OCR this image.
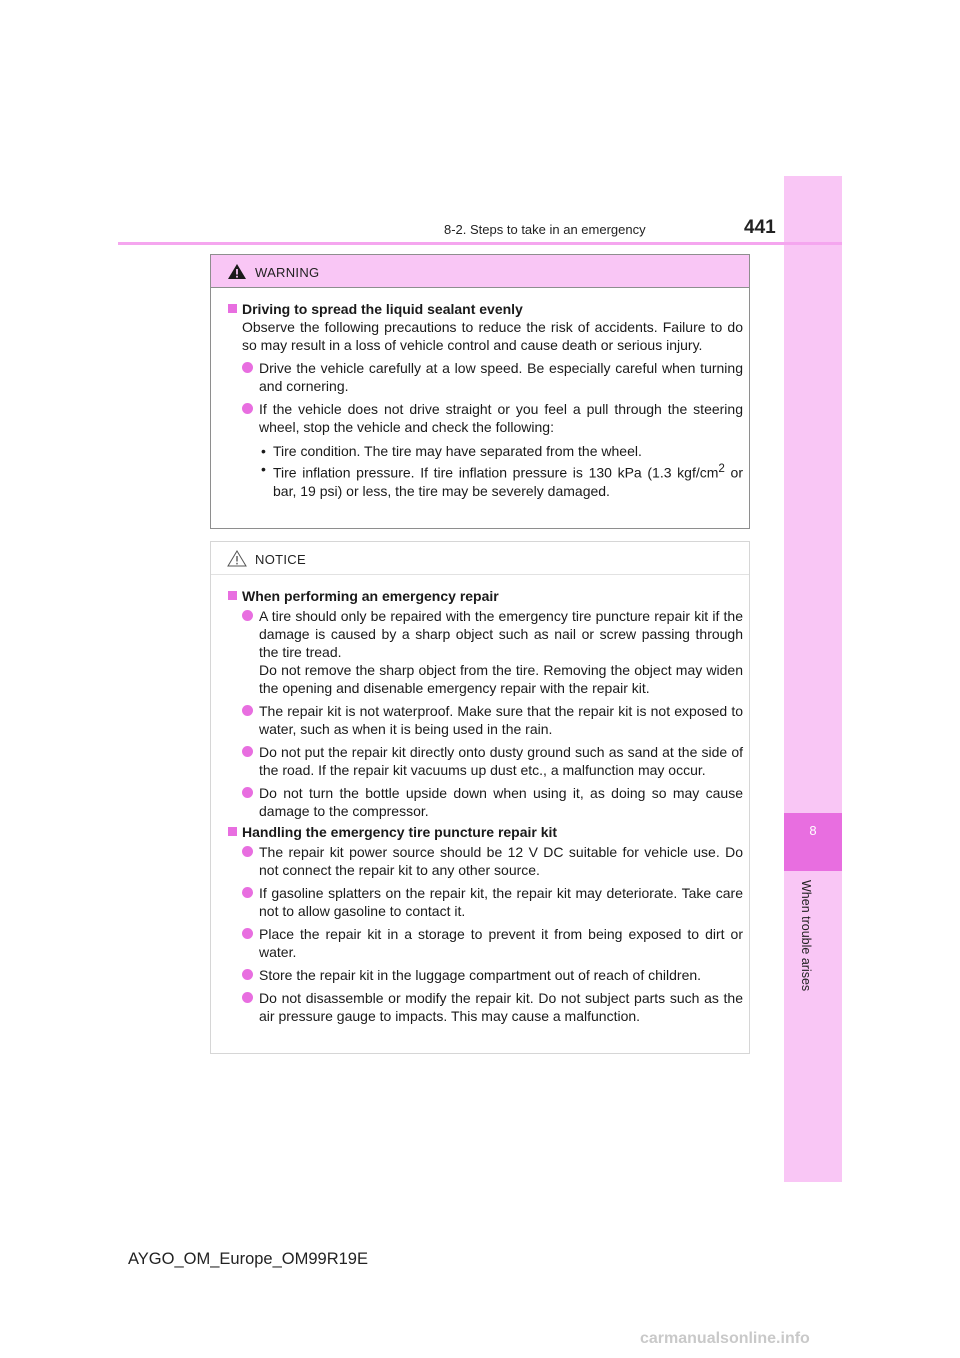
8
When trouble arises
8-2. Steps to take in an emergency	441
WARNING
Driving to spread the liquid sealant evenly
Observe the following precautions to reduce the risk of accidents. Failure to do so may result in a loss of vehicle control and cause death or serious injury.
Drive the vehicle carefully at a low speed. Be especially careful when turning and cornering.
If the vehicle does not drive straight or you feel a pull through the steering wheel, stop the vehicle and check the following:
• Tire condition. The tire may have separated from the wheel.
• Tire inflation pressure. If tire inflation pressure is 130 kPa (1.3 kgf/$cm^2$ or bar, 19 psi) or less, the tire may be severely damaged.
NOTICE
When performing an emergency repair
A tire should only be repaired with the emergency tire puncture repair kit if the damage is caused by a sharp object such as nail or screw passing through the tire tread.
Do not remove the sharp object from the tire. Removing the object may widen the opening and disenable emergency repair with the repair kit.
The repair kit is not waterproof. Make sure that the repair kit is not exposed to water, such as when it is being used in the rain.
Do not put the repair kit directly onto dusty ground such as sand at the side of the road. If the repair kit vacuums up dust etc., a malfunction may occur.
Do not turn the bottle upside down when using it, as doing so may cause damage to the compressor.
Handling the emergency tire puncture repair kit
The repair kit power source should be 12 V DC suitable for vehicle use. Do not connect the repair kit to any other source.
If gasoline splatters on the repair kit, the repair kit may deteriorate. Take care not to allow gasoline to contact it.
Place the repair kit in a storage to prevent it from being exposed to dirt or water.
Store the repair kit in the luggage compartment out of reach of children.
Do not disassemble or modify the repair kit. Do not subject parts such as the air pressure gauge to impacts. This may cause a malfunction.
AYGO_OM_Europe_OM99R19E
carmanualsonline.info
